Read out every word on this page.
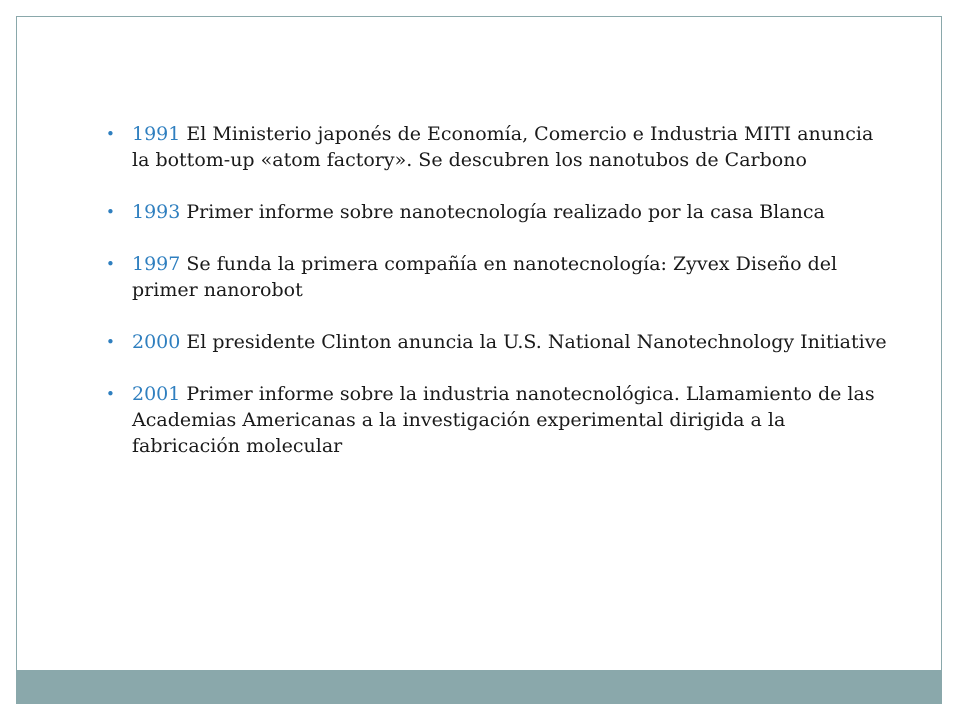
• 1991 El Ministerio japonés de Economía, Comercio e Industria MITI anuncia la bottom-up «atom factory». Se descubren los nanotubos de Carbono
• 1993 Primer informe sobre nanotecnología realizado por la casa Blanca
• 1997 Se funda la primera compañía en nanotecnología: Zyvex Diseño del primer nanorobot
• 2000 El presidente Clinton anuncia la U.S. National Nanotechnology Initiative
• 2001 Primer informe sobre la industria nanotecnológica. Llamamiento de las Academias Americanas a la investigación experimental dirigida a la fabricación molecular
